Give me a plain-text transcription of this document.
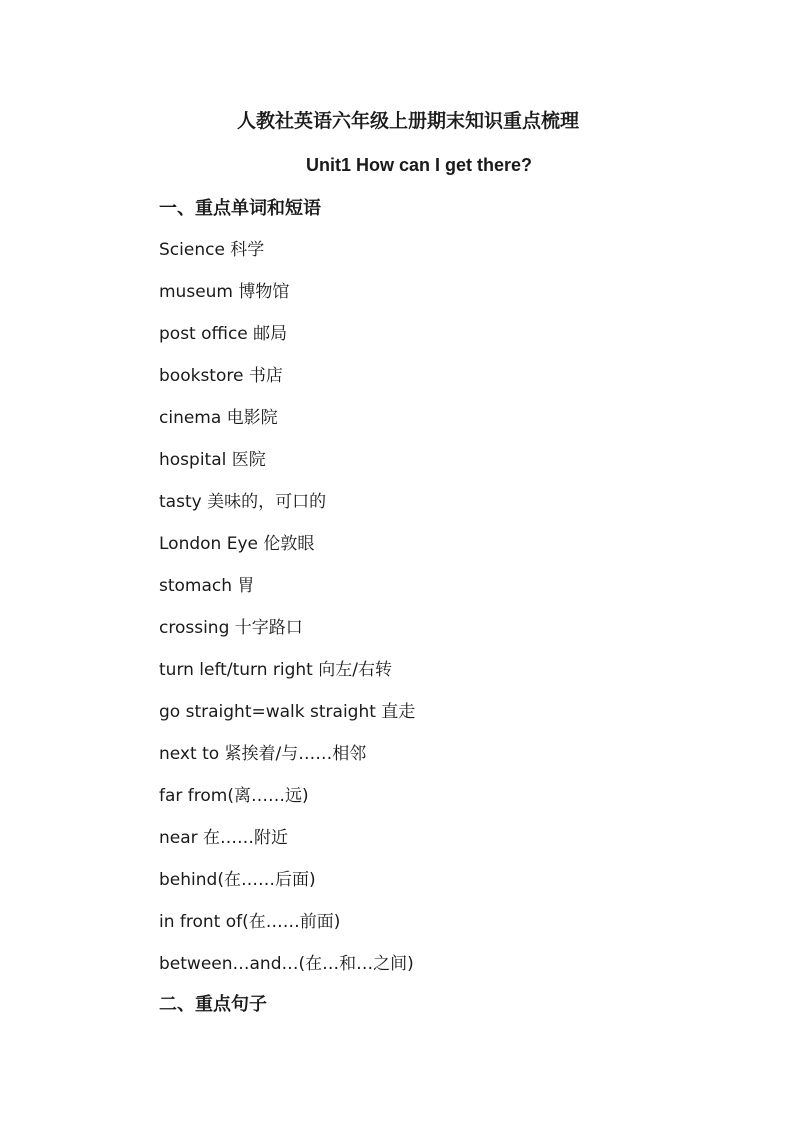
人教社英语六年级上册期末知识重点梳理
Unit1 How can I get there?
一、重点单词和短语
Science 科学
museum 博物馆
post office 邮局
bookstore 书店
cinema 电影院
hospital 医院
tasty 美味的，可口的
London Eye 伦敦眼
stomach 胃
crossing 十字路口
turn left/turn right 向左/右转
go straight=walk straight 直走
next to 紧挨着/与……相邻
far from(离……远)
near 在……附近
behind(在……后面)
in front of(在……前面)
between…and…(在…和…之间)
二、重点句子
